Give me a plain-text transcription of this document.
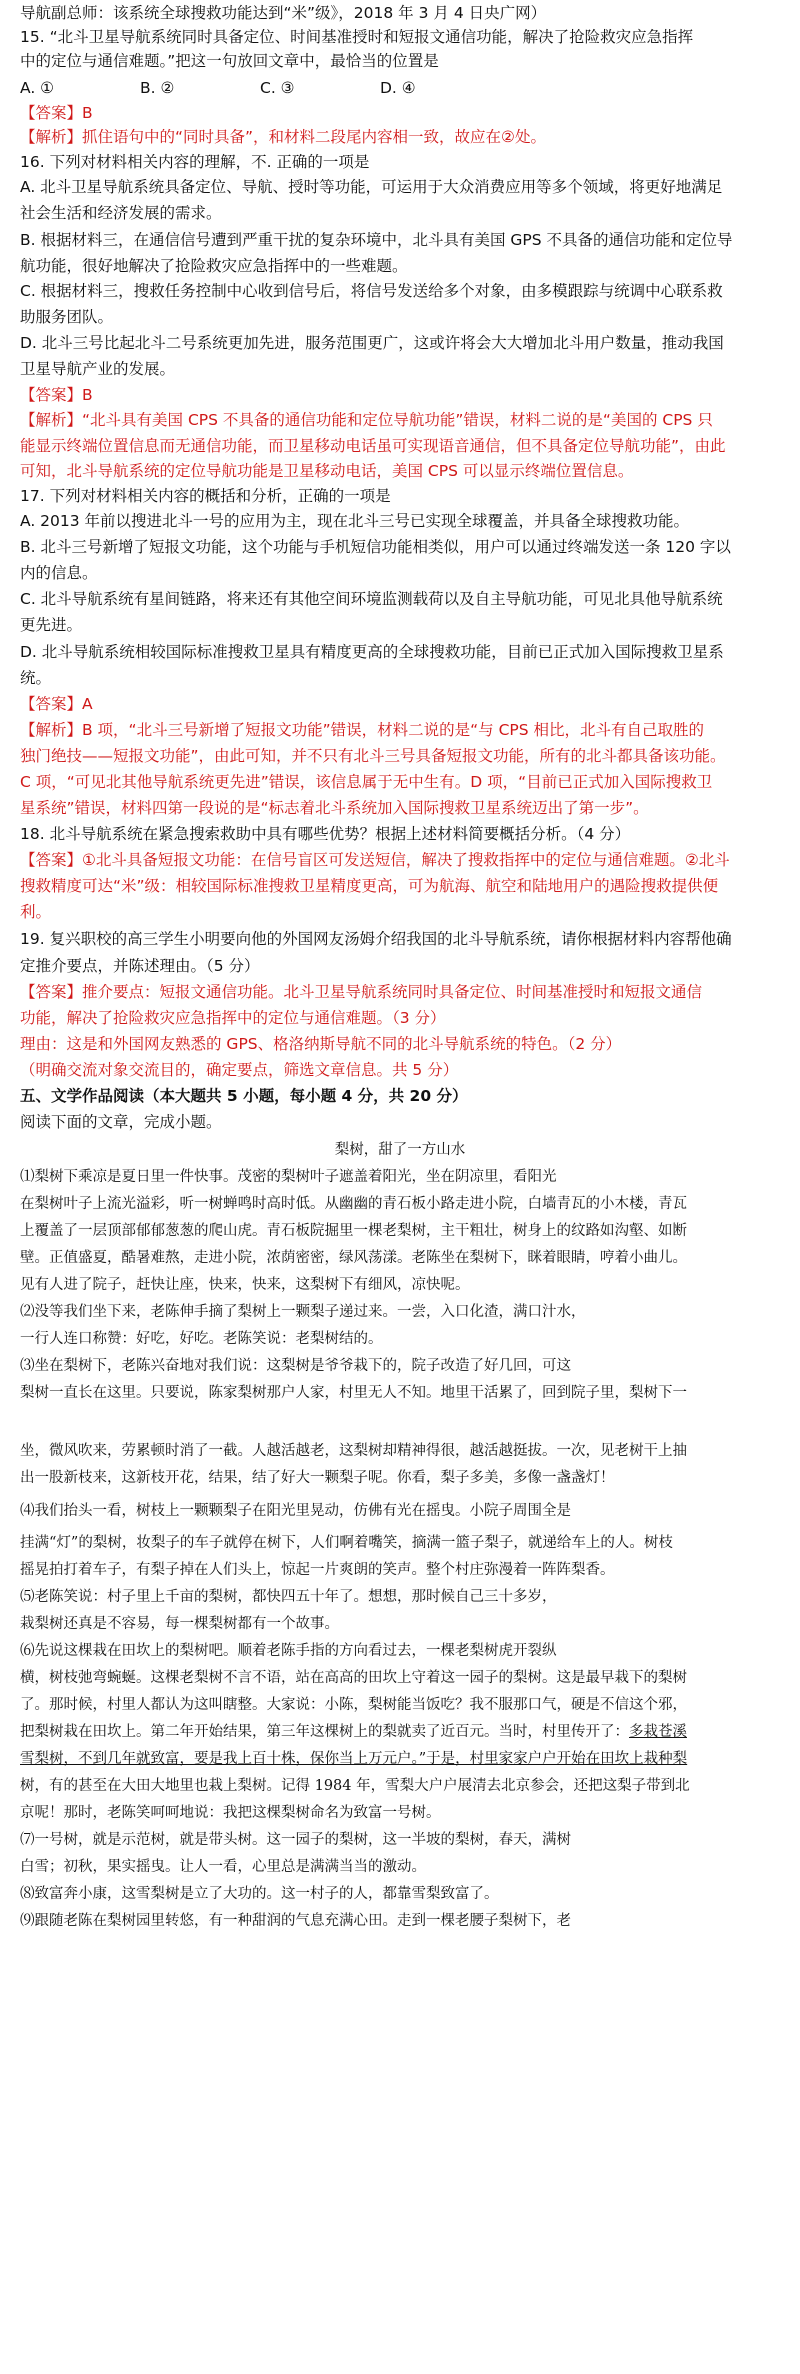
导航副总师：该系统全球搜救功能达到“米”级》，2018 年 3 月 4 日央广网）
15. “北斗卫星导航系统同时具备定位、时间基准授时和短报文通信功能，解决了抢险救灾应急指挥
中的定位与通信难题。”把这一句放回文章中，最恰当的位置是
A. ①	B. ②	C. ③	D. ④
【答案】B
【解析】抓住语句中的“同时具备”，和材料二段尾内容相一致，故应在②处。
16. 下列对材料相关内容的理解，不. 正确的一项是
A. 北斗卫星导航系统具备定位、导航、授时等功能，可运用于大众消费应用等多个领域，将更好地满足
社会生活和经济发展的需求。
B. 根据材料三，在通信信号遭到严重干扰的复杂环境中，北斗具有美国 GPS 不具备的通信功能和定位导
航功能，很好地解决了抢险救灾应急指挥中的一些难题。
C. 根据材料三，搜救任务控制中心收到信号后，将信号发送给多个对象，由多模跟踪与统调中心联系救
助服务团队。
D. 北斗三号比起北斗二号系统更加先进，服务范围更广，这或许将会大大增加北斗用户数量，推动我国
卫星导航产业的发展。
【答案】B
【解析】“北斗具有美国 CPS 不具备的通信功能和定位导航功能”错误，材料二说的是“美国的 CPS 只
能显示终端位置信息而无通信功能，而卫星移动电话虽可实现语音通信，但不具备定位导航功能”，由此
可知，北斗导航系统的定位导航功能是卫星移动电话，美国 CPS 可以显示终端位置信息。
17. 下列对材料相关内容的概括和分析，正确的一项是
A. 2013 年前以搜进北斗一号的应用为主，现在北斗三号已实现全球覆盖，并具备全球搜救功能。
B. 北斗三号新增了短报文功能，这个功能与手机短信功能相类似，用户可以通过终端发送一条 120 字以
内的信息。
C. 北斗导航系统有星间链路，将来还有其他空间环境监测载荷以及自主导航功能，可见北具他导航系统
更先进。
D. 北斗导航系统相较国际标准搜救卫星具有精度更高的全球搜救功能，目前已正式加入国际搜救卫星系
统。
【答案】A
【解析】B 项，“北斗三号新增了短报文功能”错误，材料二说的是“与 CPS 相比，北斗有自己取胜的
独门绝技——短报文功能”，由此可知，并不只有北斗三号具备短报文功能，所有的北斗都具备该功能。
C 项，“可见北其他导航系统更先进”错误，该信息属于无中生有。D 项，“目前已正式加入国际搜救卫
星系统”错误，材料四第一段说的是“标志着北斗系统加入国际搜救卫星系统迈出了第一步”。
18. 北斗导航系统在紧急搜索救助中具有哪些优势？根据上述材料简要概括分析。（4 分）
【答案】①北斗具备短报文功能：在信号盲区可发送短信，解决了搜救指挥中的定位与通信难题。②北斗
搜救精度可达“米”级：相较国际标准搜救卫星精度更高，可为航海、航空和陆地用户的遇险搜救提供便
利。
19. 复兴职校的高三学生小明要向他的外国网友汤姆介绍我国的北斗导航系统，请你根据材料内容帮他确
定推介要点，并陈述理由。（5 分）
【答案】推介要点：短报文通信功能。北斗卫星导航系统同时具备定位、时间基准授时和短报文通信
功能，解决了抢险救灾应急指挥中的定位与通信难题。（3 分）
理由：这是和外国网友熟悉的 GPS、格洛纳斯导航不同的北斗导航系统的特色。（2 分）
（明确交流对象交流目的，确定要点，筛选文章信息。共 5 分）
五、文学作品阅读（本大题共 5 小题，每小题 4 分，共 20 分）
阅读下面的文章，完成小题。
梨树，甜了一方山水
⑴梨树下乘凉是夏日里一件快事。茂密的梨树叶子遮盖着阳光，坐在阴凉里，看阳光
在梨树叶子上流光溢彩，听一树蝉鸣时高时低。从幽幽的青石板小路走进小院，白墙青瓦的小木楼，青瓦
上覆盖了一层顶部郁郁葱葱的爬山虎。青石板院掘里一棵老梨树，主干粗壮，树身上的纹路如沟壑、如断
壁。正值盛夏，酷暑难熬，走进小院，浓荫密密，绿风荡漾。老陈坐在梨树下，眯着眼睛，哼着小曲儿。
见有人进了院子，赶快让座，快来，快来，这梨树下有细风，凉快呢。
⑵没等我们坐下来，老陈伸手摘了梨树上一颗梨子递过来。一尝，入口化渣，满口汁水，
一行人连口称赞：好吃，好吃。老陈笑说：老梨树结的。
⑶坐在梨树下，老陈兴奋地对我们说：这梨树是爷爷栽下的，院子改造了好几回，可这
梨树一直长在这里。只要说，陈家梨树那户人家，村里无人不知。地里干活累了，回到院子里，梨树下一
坐，微风吹来，劳累顿时消了一截。人越活越老，这梨树却精神得很，越活越挺拔。一次，见老树干上抽
出一股新枝来，这新枝开花，结果，结了好大一颗梨子呢。你看，梨子多美，多像一盏盏灯！
⑷我们抬头一看，树枝上一颗颗梨子在阳光里晃动，仿佛有光在摇曳。小院子周围全是
挂满“灯”的梨树，妆梨子的车子就停在树下，人们啊着嘴笑，摘满一篮子梨子，就递给车上的人。树枝
摇晃拍打着车子，有梨子掉在人们头上，惊起一片爽朗的笑声。整个村庄弥漫着一阵阵梨香。
⑸老陈笑说：村子里上千亩的梨树，都快四五十年了。想想，那时候自己三十多岁，
栽梨树还真是不容易，每一棵梨树都有一个故事。
⑹先说这棵栽在田坎上的梨树吧。顺着老陈手指的方向看过去，一棵老梨树虎开裂纵
横，树枝弛弯蜿蜒。这棵老梨树不言不语，站在高高的田坎上守着这一园子的梨树。这是最早栽下的梨树
了。那时候，村里人都认为这叫瞎整。大家说：小陈，梨树能当饭吃？我不服那口气，硬是不信这个邪，
把梨树栽在田坎上。第二年开始结果，第三年这棵树上的梨就卖了近百元。当时，村里传开了：多栽苍溪
雪梨树，不到几年就致富，要是我上百十株，保你当上万元户。”于是，村里家家户户开始在田坎上栽种梨
树，有的甚至在大田大地里也栽上梨树。记得 1984 年，雪梨大户户展清去北京参会，还把这梨子带到北
京呢！那时，老陈笑呵呵地说：我把这棵梨树命名为致富一号树。
⑺一号树，就是示范树，就是带头树。这一园子的梨树，这一半坡的梨树，春天，满树
白雪；初秋，果实摇曳。让人一看，心里总是满满当当的激动。
⑻致富奔小康，这雪梨树是立了大功的。这一村子的人，都靠雪梨致富了。
⑼跟随老陈在梨树园里转悠，有一种甜润的气息充满心田。走到一棵老腰子梨树下，老
